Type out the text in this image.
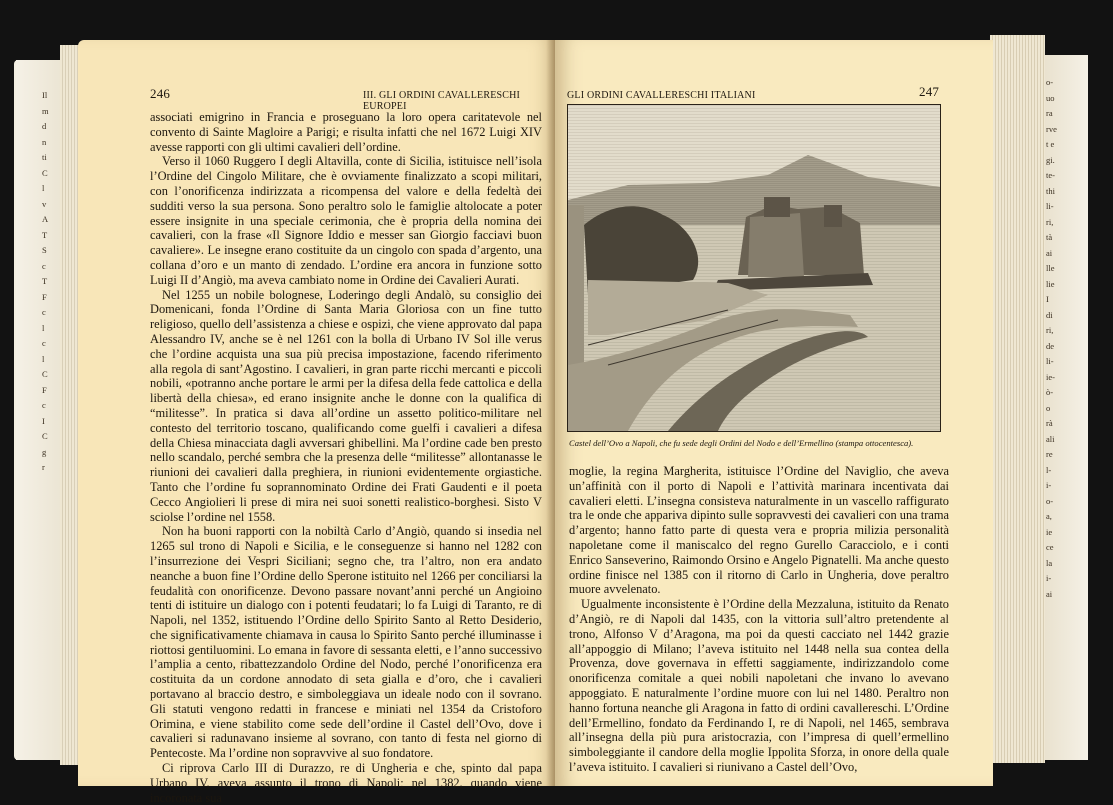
Il
m
d
n
ti
C
l
v
A
T
S
c
T
F
c
l
c
l
C
F
c
I
C
g
r
o-
uo
ra
rve
t e
gi.
te-
thi
li-
ri,
tà
ai
lle
lie
I
di
ri,
de
li-
ie-
ò-
o
rà
ali
re
l-
i-
o-
a,
ie
ce
la
i-
ai
246	III. GLI ORDINI CAVALLERESCHI EUROPEI

associati emigrino in Francia e proseguano la loro opera caritatevole nel convento di Sainte Magloire a Parigi; e risulta infatti che nel 1672 Luigi XIV avesse rapporti con gli ultimi cavalieri dell’ordine.

Verso il 1060 Ruggero I degli Altavilla, conte di Sicilia, istituisce nell’isola l’Ordine del Cingolo Militare, che è ovviamente finalizzato a scopi militari, con l’onorificenza indirizzata a ricompensa del valore e della fedeltà dei sudditi verso la sua persona. Sono peraltro solo le famiglie altolocate a poter essere insignite in una speciale cerimonia, che è propria della nomina dei cavalieri, con la frase «Il Signore Iddio e messer san Giorgio facciavi buon cavaliere». Le insegne erano costituite da un cingolo con spada d’argento, una collana d’oro e un manto di zendado. L’ordine era ancora in funzione sotto Luigi II d’Angiò, ma aveva cambiato nome in Ordine dei Cavalieri Aurati.

Nel 1255 un nobile bolognese, Loderingo degli Andalò, su consiglio dei Domenicani, fonda l’Ordine di Santa Maria Gloriosa con un fine tutto religioso, quello dell’assistenza a chiese e ospizi, che viene approvato dal papa Alessandro IV, anche se è nel 1261 con la bolla di Urbano IV Sol ille verus che l’ordine acquista una sua più precisa impostazione, facendo riferimento alla regola di sant’Agostino. I cavalieri, in gran parte ricchi mercanti e piccoli nobili, «potranno anche portare le armi per la difesa della fede cattolica e della libertà della chiesa», ed erano insignite anche le donne con la qualifica di “militesse”. In pratica si dava all’ordine un assetto politico-militare nel contesto del territorio toscano, qualificando come guelfi i cavalieri a difesa della Chiesa minacciata dagli avversari ghibellini. Ma l’ordine cade ben presto nello scandalo, perché sembra che la presenza delle “militesse” allontanasse le riunioni dei cavalieri dalla preghiera, in riunioni evidentemente orgiastiche. Tanto che l’ordine fu soprannominato Ordine dei Frati Gaudenti e il poeta Cecco Angiolieri li prese di mira nei suoi sonetti realistico-borghesi. Sisto V sciolse l’ordine nel 1558.

Non ha buoni rapporti con la nobiltà Carlo d’Angiò, quando si insedia nel 1265 sul trono di Napoli e Sicilia, e le conseguenze si hanno nel 1282 con l’insurrezione dei Vespri Siciliani; segno che, tra l’altro, non era andato neanche a buon fine l’Ordine dello Sperone istituito nel 1266 per conciliarsi la feudalità con onorificenze. Devono passare novant’anni perché un Angioino tenti di istituire un dialogo con i potenti feudatari; lo fa Luigi di Taranto, re di Napoli, nel 1352, istituendo l’Ordine dello Spirito Santo al Retto Desiderio, che significativamente chiamava in causa lo Spirito Santo perché illuminasse i riottosi gentiluomini. Lo emana in favore di sessanta eletti, e l’anno successivo l’amplia a cento, ribattezzandolo Ordine del Nodo, perché l’onorificenza era costituita da un cordone annodato di seta gialla e d’oro, che i cavalieri portavano al braccio destro, e simboleggiava un ideale nodo con il sovrano. Gli statuti vengono redatti in francese e miniati nel 1354 da Cristoforo Orimina, e viene stabilito come sede dell’ordine il Castel dell’Ovo, dove i cavalieri si radunavano insieme al sovrano, con tanto di festa nel giorno di Pentecoste. Ma l’ordine non sopravvive al suo fondatore.

Ci riprova Carlo III di Durazzo, re di Ungheria e che, spinto dal papa Urbano IV, aveva assunto il trono di Napoli; nel 1382, quando viene incoronata sua

GLI ORDINI CAVALLERESCHI ITALIANI	247
Castel dell’Ovo a Napoli, che fu sede degli Ordini del Nodo e dell’Ermellino (stampa ottocentesca).

moglie, la regina Margherita, istituisce l’Ordine del Naviglio, che aveva un’affinità con il porto di Napoli e l’attività marinara incentivata dai cavalieri eletti. L’insegna consisteva naturalmente in un vascello raffigurato tra le onde che appariva dipinto sulle sopravvesti dei cavalieri con una trama d’argento; hanno fatto parte di questa vera e propria milizia personalità napoletane come il maniscalco del regno Gurello Caracciolo, e i conti Enrico Sanseverino, Raimondo Orsino e Angelo Pignatelli. Ma anche questo ordine finisce nel 1385 con il ritorno di Carlo in Ungheria, dove peraltro muore avvelenato.

Ugualmente inconsistente è l’Ordine della Mezzaluna, istituito da Renato d’Angiò, re di Napoli dal 1435, con la vittoria sull’altro pretendente al trono, Alfonso V d’Aragona, ma poi da questi cacciato nel 1442 grazie all’appoggio di Milano; l’aveva istituito nel 1448 nella sua contea della Provenza, dove governava in effetti saggiamente, indirizzandolo come onorificenza comitale a quei nobili napoletani che invano lo avevano appoggiato. E naturalmente l’ordine muore con lui nel 1480. Peraltro non hanno fortuna neanche gli Aragona in fatto di ordini cavallereschi. L’Ordine dell’Ermellino, fondato da Ferdinando I, re di Napoli, nel 1465, sembrava all’insegna della più pura aristocrazia, con l’impresa di quell’ermellino simboleggiante il candore della moglie Ippolita Sforza, in onore della quale l’aveva istituito. I cavalieri si riunivano a Castel dell’Ovo,
